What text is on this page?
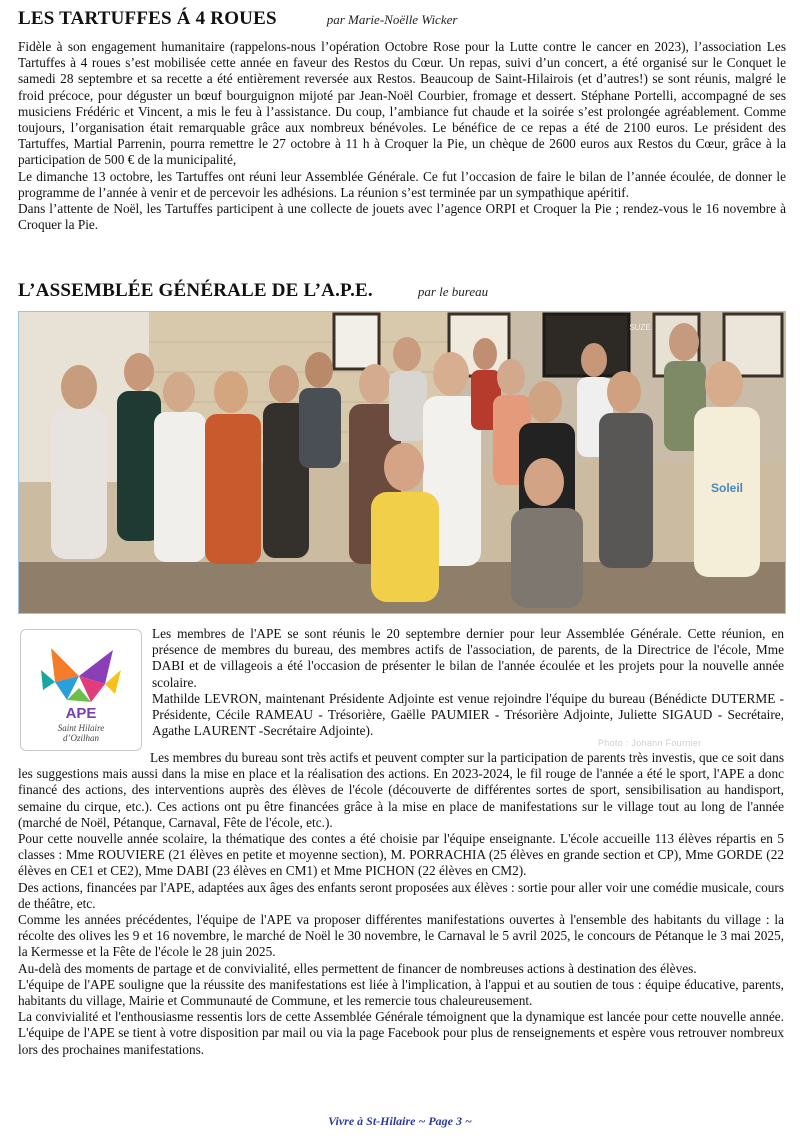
LES TARTUFFES Á 4 ROUES	par Marie-Noëlle Wicker

Fidèle à son engagement humanitaire (rappelons-nous l’opération Octobre Rose pour la Lutte contre le cancer en 2023), l’association Les Tartuffes à 4 roues s’est mobilisée cette année en faveur des Restos du Cœur. Un repas, suivi d’un concert, a été organisé sur le Conquet le samedi 28 septembre et sa recette a été entièrement reversée aux Restos. Beaucoup de Saint-Hilairois (et d’autres!) se sont réunis, malgré le froid précoce, pour déguster un bœuf bourguignon mijoté par Jean-Noël Courbier, fromage et dessert. Stéphane Portelli, accompagné de ses musiciens Frédéric et Vincent, a mis le feu à l’assistance. Du coup, l’ambiance fut chaude et la soirée s’est prolongée agréablement. Comme toujours, l’organisation était remarquable grâce aux nombreux bénévoles. Le bénéfice de ce repas a été de 2100 euros. Le président des Tartuffes, Martial Parrenin, pourra remettre le 27 octobre à 11 h à Croquer la Pie, un chèque de 2600 euros aux Restos du Cœur, grâce à la participation de 500 € de la municipalité,

Le dimanche 13 octobre, les Tartuffes ont réuni leur Assemblée Générale. Ce fut l’occasion de faire le bilan de l’année écoulée, de donner le programme de l’année à venir et de percevoir les adhésions. La réunion s’est terminée par un sympathique apéritif.

Dans l’attente de Noël, les Tartuffes participent à une collecte de jouets avec l’agence ORPI et Croquer la Pie ; rendez-vous le 16 novembre à Croquer la Pie.

L’ASSEMBLÉE GÉNÉRALE DE L’A.P.E.	par le bureau
SUZE
Soleil
Photo : Johann Fournier
APE
Saint Hilaire
d’Ozilhan

Les membres de l'APE se sont réunis le 20 septembre dernier pour leur Assemblée Générale. Cette réunion, en présence de membres du bureau, des membres actifs de l'association, de parents, de la Directrice de l'école, Mme DABI et de villageois a été l'occasion de présenter le bilan de l'année écoulée et les projets pour la nouvelle année scolaire.

Mathilde LEVRON, maintenant Présidente Adjointe est venue rejoindre l'équipe du bureau (Bénédicte DUTERME - Présidente, Cécile RAMEAU - Trésorière, Gaëlle PAUMIER - Trésorière Adjointe, Juliette SIGAUD - Secrétaire, Agathe LAURENT -Secrétaire Adjointe).

Les membres du bureau sont très actifs et peuvent compter sur la participation de parents très investis, que ce soit dans les suggestions mais aussi dans la mise en place et la réalisation des actions. En 2023-2024, le fil rouge de l'année a été le sport, l'APE a donc financé des actions, des interventions auprès des élèves de l'école (découverte de différentes sortes de sport, sensibilisation au handisport, semaine du cirque, etc.). Ces actions ont pu être financées grâce à la mise en place de manifestations sur le village tout au long de l'année (marché de Noël, Pétanque, Carnaval, Fête de l'école, etc.).

Pour cette nouvelle année scolaire, la thématique des contes a été choisie par l'équipe enseignante. L'école accueille 113 élèves répartis en 5 classes : Mme ROUVIERE (21 élèves en petite et moyenne section), M. PORRACHIA (25 élèves en grande section et CP), Mme GORDE (22 élèves en CE1 et CE2), Mme DABI (23 élèves en CM1) et Mme PICHON (22 élèves en CM2).

Des actions, financées par l'APE, adaptées aux âges des enfants seront proposées aux élèves : sortie pour aller voir une comédie musicale, cours de théâtre, etc.

Comme les années précédentes, l'équipe de l'APE va proposer différentes manifestations ouvertes à l'ensemble des habitants du village : la récolte des olives les 9 et 16 novembre, le marché de Noël le 30 novembre, le Carnaval le 5 avril 2025, le concours de Pétanque le 3 mai 2025, la Kermesse et la Fête de l'école le 28 juin 2025.

Au-delà des moments de partage et de convivialité, elles permettent de financer de nombreuses actions à destination des élèves.

L'équipe de l'APE souligne que la réussite des manifestations est liée à l'implication, à l'appui et au soutien de tous : équipe éducative, parents, habitants du village, Mairie et Communauté de Commune, et les remercie tous chaleureusement.

La convivialité et l'enthousiasme ressentis lors de cette Assemblée Générale témoignent que la dynamique est lancée pour cette nouvelle année. L'équipe de l'APE se tient à votre disposition par mail ou via la page Facebook pour plus de renseignements et espère vous retrouver nombreux lors des prochaines manifestations.

Vivre à St-Hilaire ~ Page 3 ~
